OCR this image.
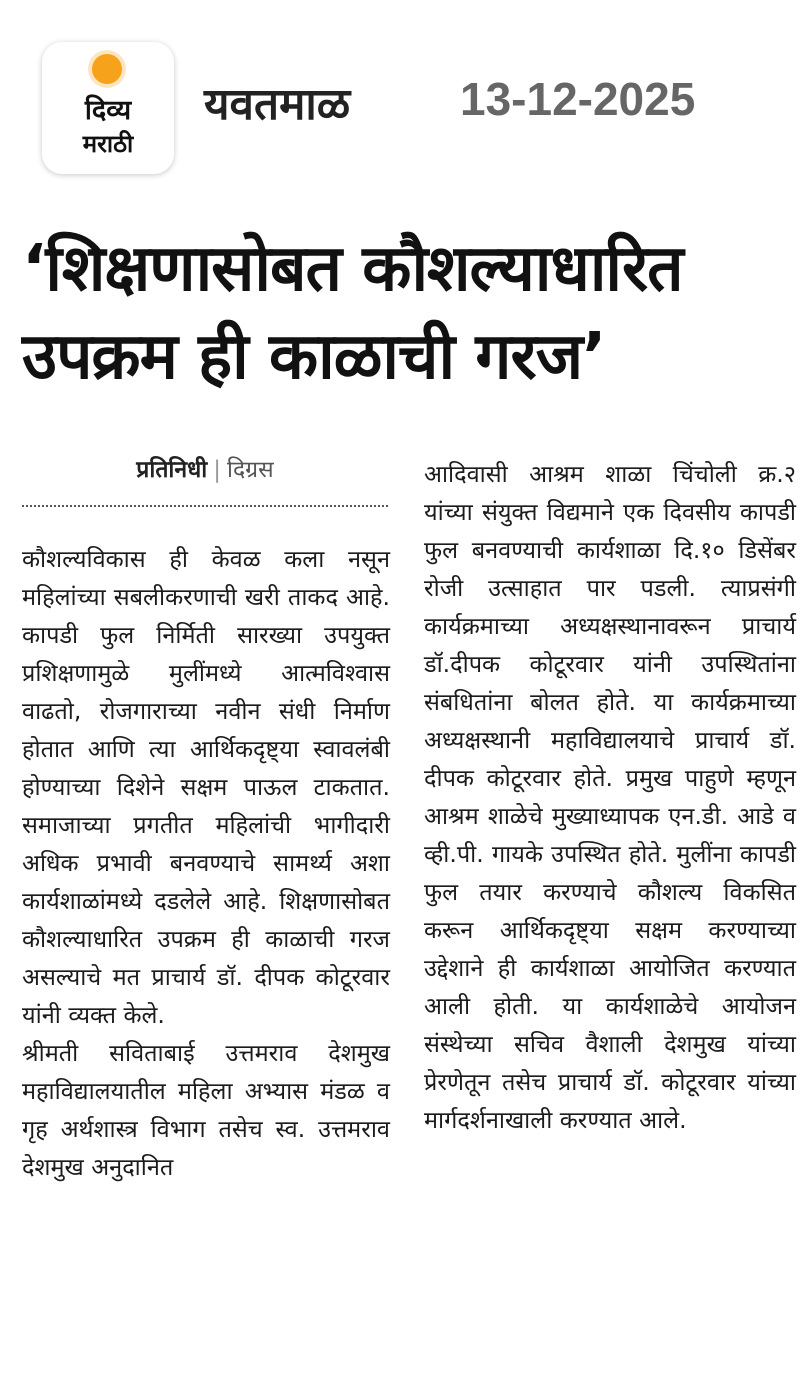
दिव्य
मराठी
यवतमाळ 13-12-2025
‘शिक्षणासोबत कौशल्याधारित
उपक्रम ही काळाची गरज’
प्रतिनिधी | दिग्रस

कौशल्यविकास ही केवळ कला नसून महिलांच्या सबलीकरणाची खरी ताकद आहे. कापडी फुल निर्मिती सारख्या उपयुक्त प्रशिक्षणामुळे मुलींमध्ये आत्मविश्वास वाढतो, रोजगाराच्या नवीन संधी निर्माण होतात आणि त्या आर्थिकदृष्ट्या स्वावलंबी होण्याच्या दिशेने सक्षम पाऊल टाकतात. समाजाच्या प्रगतीत महिलांची भागीदारी अधिक प्रभावी बनवण्याचे सामर्थ्य अशा कार्यशाळांमध्ये दडलेले आहे. शिक्षणासोबत कौशल्याधारित उपक्रम ही काळाची गरज असल्याचे मत प्राचार्य डॉ. दीपक कोटूरवार यांनी व्यक्त केले.

श्रीमती सविताबाई उत्तमराव देशमुख महाविद्यालयातील महिला अभ्यास मंडळ व गृह अर्थशास्त्र विभाग तसेच स्व. उत्तमराव देशमुख अनुदानित

आदिवासी आश्रम शाळा चिंचोली क्र.२ यांच्या संयुक्त विद्यमाने एक दिवसीय कापडी फुल बनवण्याची कार्यशाळा दि.१० डिसेंबर रोजी उत्साहात पार पडली. त्याप्रसंगी कार्यक्रमाच्या अध्यक्षस्थानावरून प्राचार्य डॉ.दीपक कोटूरवार यांनी उपस्थितांना संबधितांना बोलत होते. या कार्यक्रमाच्या अध्यक्षस्थानी महाविद्यालयाचे प्राचार्य डॉ. दीपक कोटूरवार होते. प्रमुख पाहुणे म्हणून आश्रम शाळेचे मुख्याध्यापक एन.डी. आडे व व्ही.पी. गायके उपस्थित होते. मुलींना कापडी फुल तयार करण्याचे कौशल्य विकसित करून आर्थिकदृष्ट्या सक्षम करण्याच्या उद्देशाने ही कार्यशाळा आयोजित करण्यात आली होती. या कार्यशाळेचे आयोजन संस्थेच्या सचिव वैशाली देशमुख यांच्या प्रेरणेतून तसेच प्राचार्य डॉ. कोटूरवार यांच्या मार्गदर्शनाखाली करण्यात आले.
